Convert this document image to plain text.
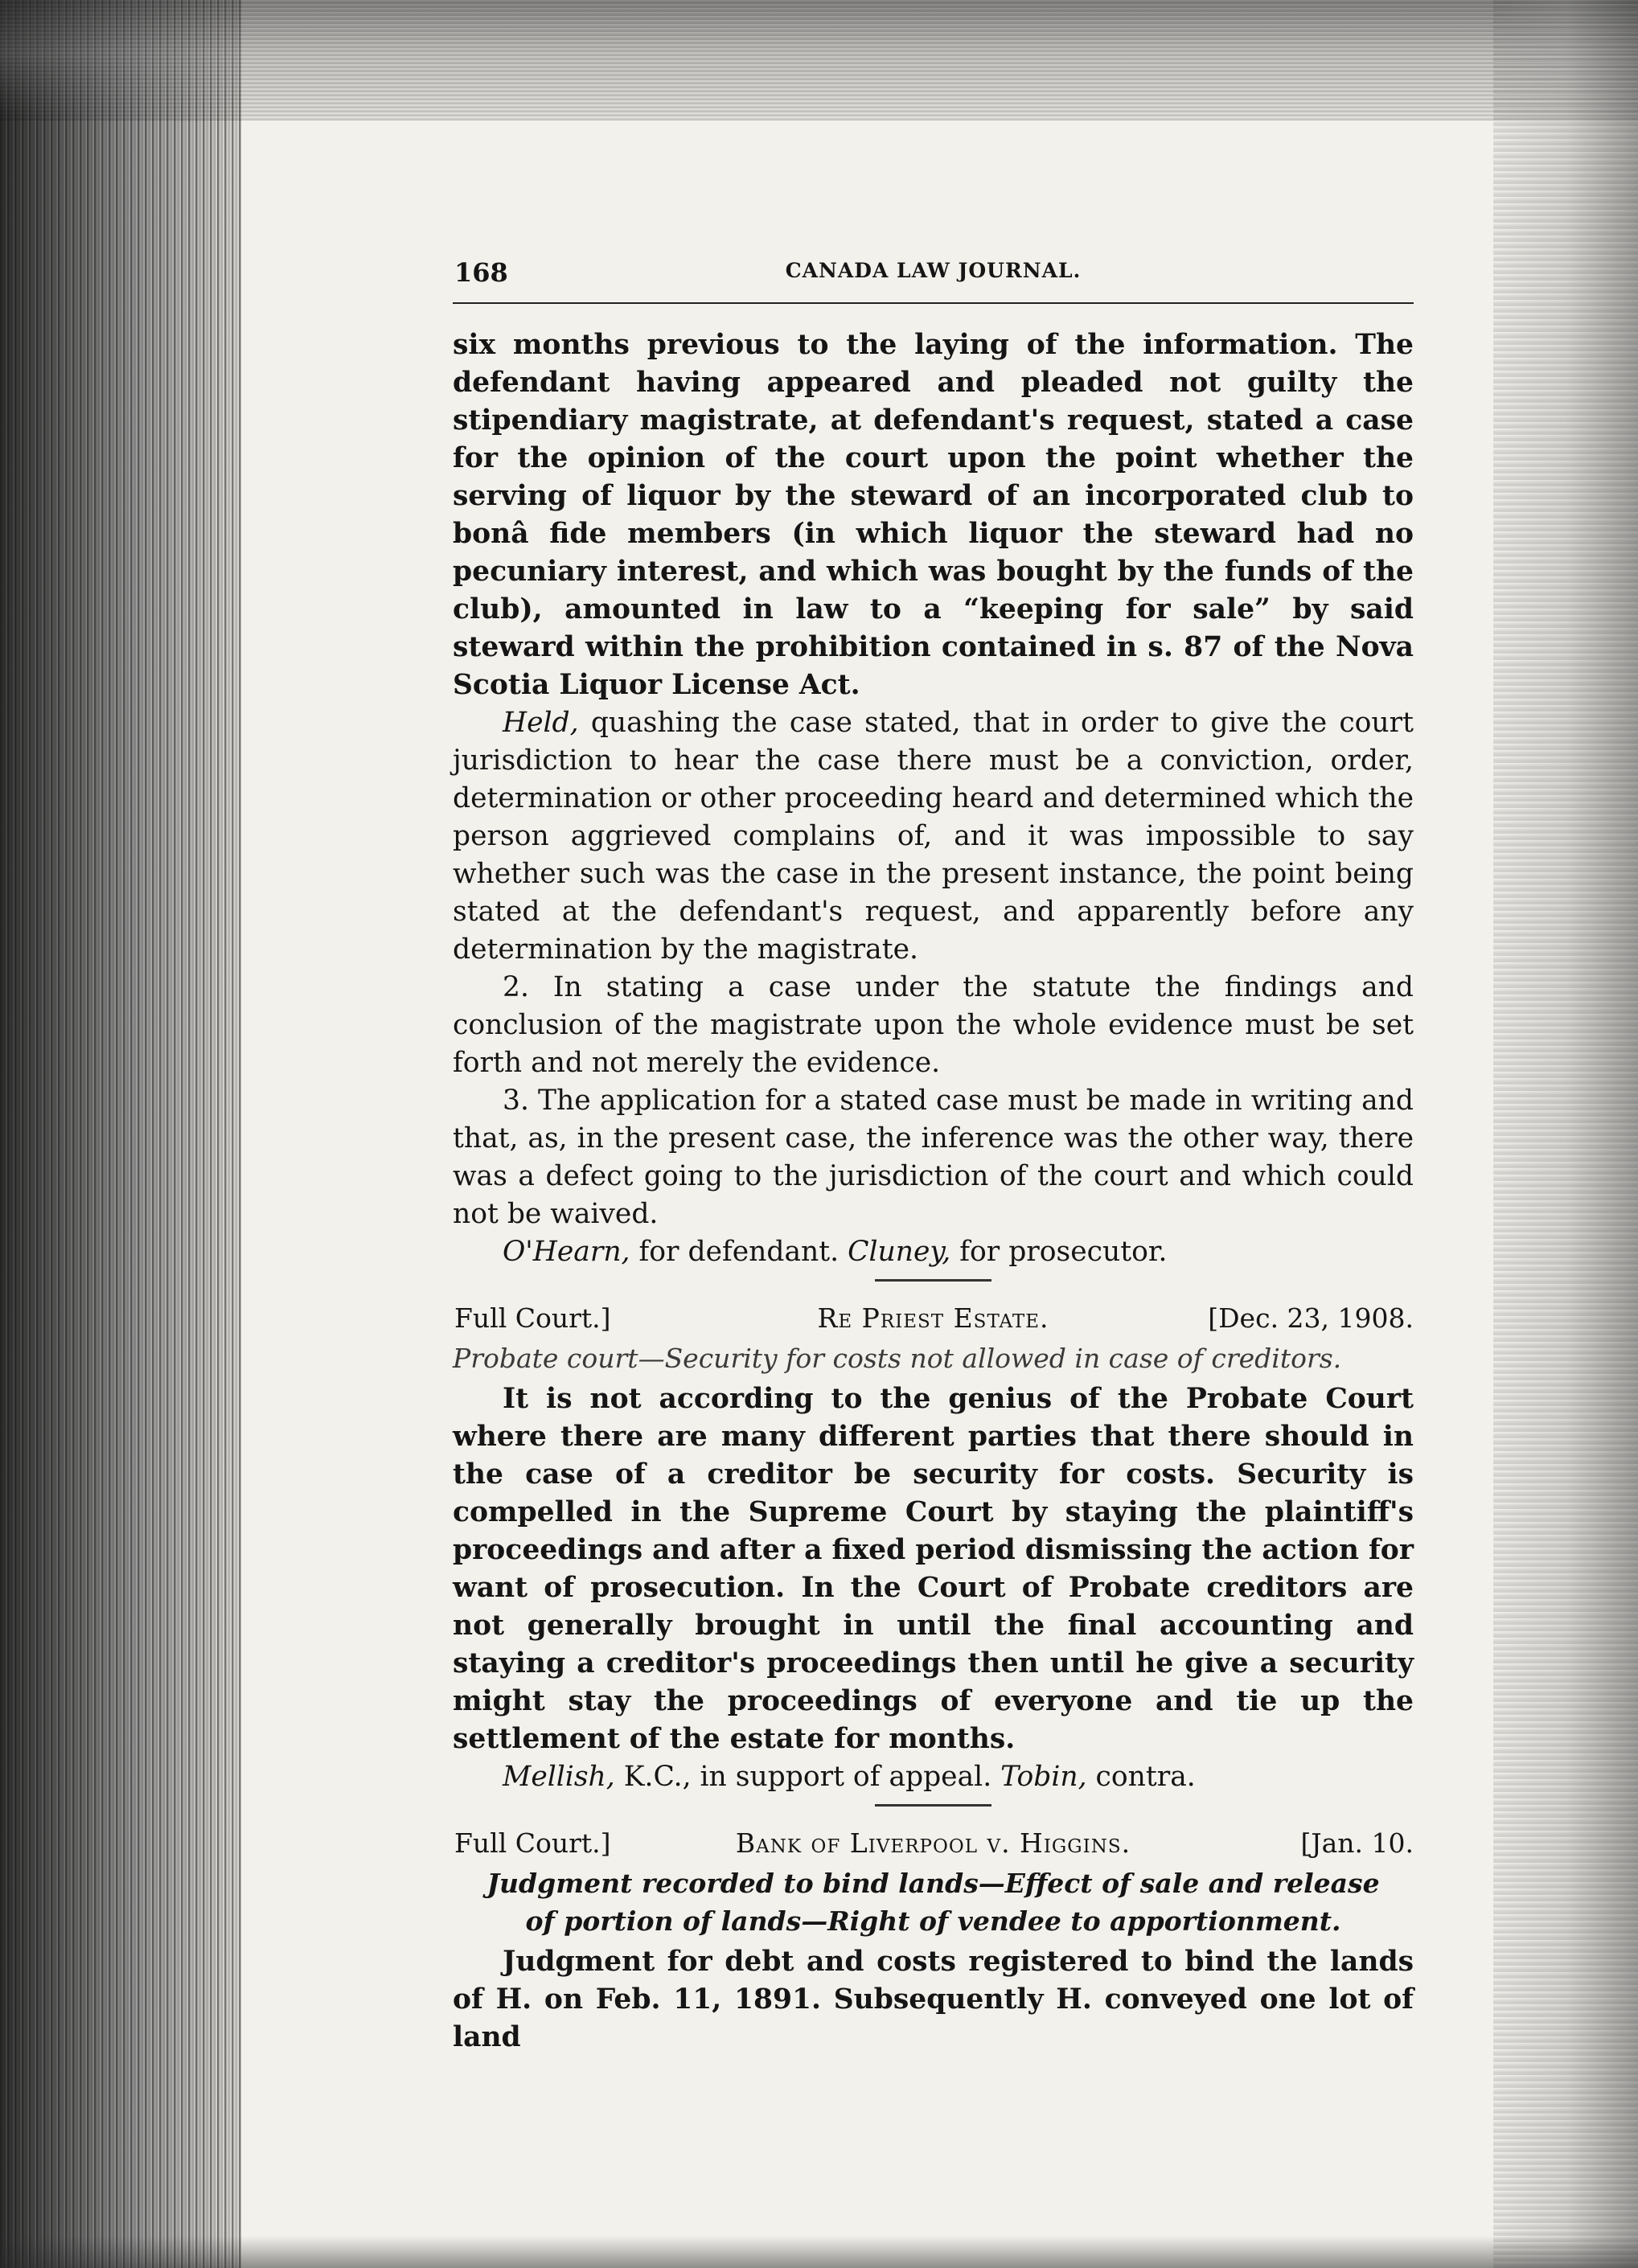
168	CANADA LAW JOURNAL.

six months previous to the laying of the information. The defendant having appeared and pleaded not guilty the stipendiary magistrate, at defendant's request, stated a case for the opinion of the court upon the point whether the serving of liquor by the steward of an incorporated club to bonâ fide members (in which liquor the steward had no pecuniary interest, and which was bought by the funds of the club), amounted in law to a “keeping for sale” by said steward within the prohibition contained in s. 87 of the Nova Scotia Liquor License Act.

Held, quashing the case stated, that in order to give the court jurisdiction to hear the case there must be a conviction, order, determination or other proceeding heard and determined which the person aggrieved complains of, and it was impossible to say whether such was the case in the present instance, the point being stated at the defendant's request, and apparently before any determination by the magistrate.

2. In stating a case under the statute the findings and conclusion of the magistrate upon the whole evidence must be set forth and not merely the evidence.

3. The application for a stated case must be made in writing and that, as, in the present case, the inference was the other way, there was a defect going to the jurisdiction of the court and which could not be waived.

O'Hearn, for defendant. Cluney, for prosecutor.

Full Court.]	Re Priest Estate.	[Dec. 23, 1908.
Probate court—Security for costs not allowed in case of creditors.

It is not according to the genius of the Probate Court where there are many different parties that there should in the case of a creditor be security for costs. Security is compelled in the Supreme Court by staying the plaintiff's proceedings and after a fixed period dismissing the action for want of prosecution. In the Court of Probate creditors are not generally brought in until the final accounting and staying a creditor's proceedings then until he give a security might stay the proceedings of everyone and tie up the settlement of the estate for months.

Mellish, K.C., in support of appeal. Tobin, contra.

Full Court.]	Bank of Liverpool v. Higgins.	[Jan. 10.
Judgment recorded to bind lands—Effect of sale and release of portion of lands—Right of vendee to apportionment.

Judgment for debt and costs registered to bind the lands of H. on Feb. 11, 1891. Subsequently H. conveyed one lot of land
